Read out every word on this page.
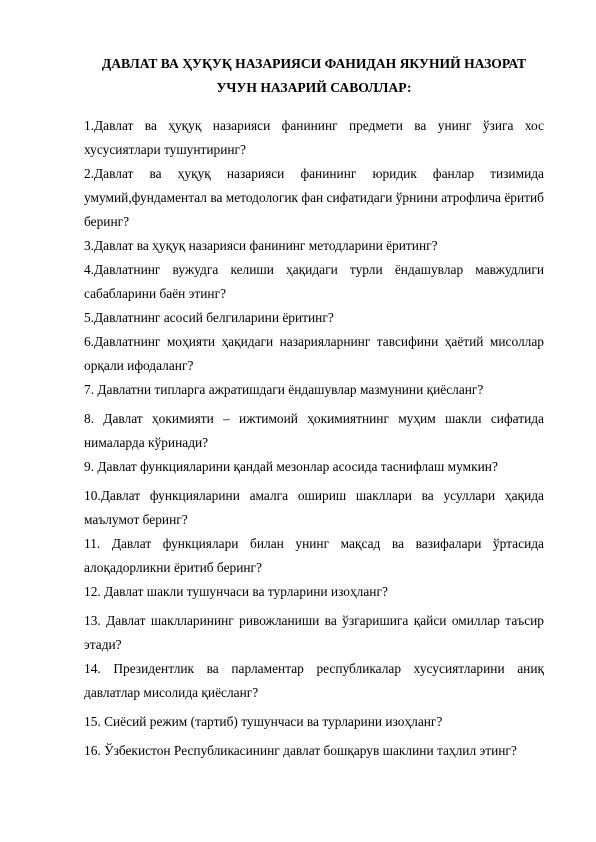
ДАВЛАТ ВА ҲУҚУҚ НАЗАРИЯСИ ФАНИДАН ЯКУНИЙ НАЗОРАТ
УЧУН НАЗАРИЙ САВОЛЛАР:

1.Давлат ва ҳуқуқ назарияси фанининг предмети ва унинг ўзига хос хусусиятлари тушунтиринг?

2.Давлат ва ҳуқуқ назарияси фанининг юридик фанлар тизимида умумий,фундаментал ва методологик фан сифатидаги ўрнини атрофлича ёритиб беринг?

3.Давлат ва ҳуқуқ назарияси фанининг методларини ёритинг?

4.Давлатнинг вужудга келиши ҳақидаги турли ёндашувлар мавжудлиги сабабларини баён этинг?

5.Давлатнинг асосий белгиларини ёритинг?

6.Давлатнинг моҳияти ҳақидаги назарияларнинг тавсифини ҳаётий мисоллар орқали ифодаланг?

7. Давлатни типларга ажратишдаги ёндашувлар мазмунини қиёсланг?

8. Давлат ҳокимияти – ижтимоий ҳокимиятнинг муҳим шакли сифатида нималарда кўринади?

9. Давлат функцияларини қандай мезонлар асосида таснифлаш мумкин?

10.Давлат функцияларини амалга ошириш шакллари ва усуллари ҳақида маълумот беринг?

11. Давлат функциялари билан унинг мақсад ва вазифалари ўртасида алоқадорликни ёритиб беринг?

12. Давлат шакли тушунчаси ва турларини изоҳланг?

13. Давлат шаклларининг ривожланиши ва ўзгаришига қайси омиллар таъсир этади?

14. Президентлик ва парламентар республикалар хусусиятларини аниқ давлатлар мисолида қиёсланг?

15. Сиёсий режим (тартиб) тушунчаси ва турларини изоҳланг?

16. Ўзбекистон Республикасининг давлат бошқарув шаклини таҳлил этинг?
